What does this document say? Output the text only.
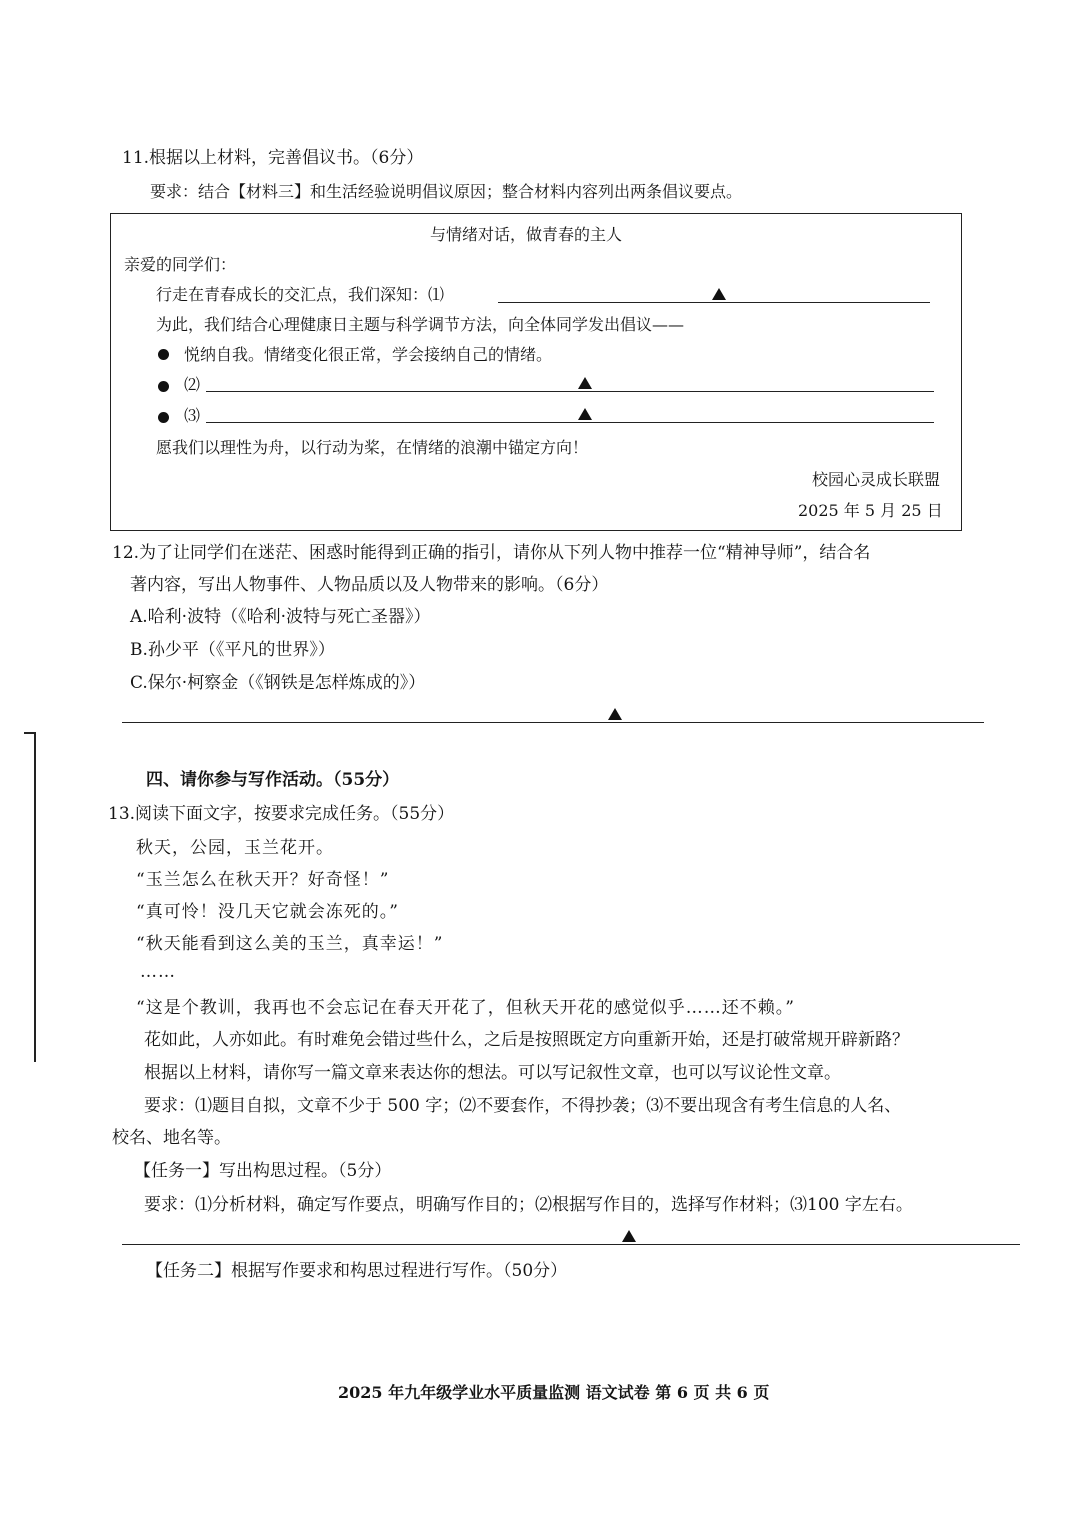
11.根据以上材料，完善倡议书。（6分）
要求：结合【材料三】和生活经验说明倡议原因；整合材料内容列出两条倡议要点。
与情绪对话，做青春的主人
亲爱的同学们：
行走在青春成长的交汇点，我们深知：⑴
为此，我们结合心理健康日主题与科学调节方法，向全体同学发出倡议——
悦纳自我。情绪变化很正常，学会接纳自己的情绪。
⑵
⑶
愿我们以理性为舟，以行动为桨，在情绪的浪潮中锚定方向！
校园心灵成长联盟
2025 年 5 月 25 日
12.为了让同学们在迷茫、困惑时能得到正确的指引，请你从下列人物中推荐一位“精神导师”，结合名
著内容，写出人物事件、人物品质以及人物带来的影响。（6分）
A.哈利·波特（《哈利·波特与死亡圣器》）
B.孙少平（《平凡的世界》）
C.保尔·柯察金（《钢铁是怎样炼成的》）
四、请你参与写作活动。（55分）
13.阅读下面文字，按要求完成任务。（55分）
秋天，公园，玉兰花开。
“玉兰怎么在秋天开？好奇怪！”
“真可怜！没几天它就会冻死的。”
“秋天能看到这么美的玉兰，真幸运！”
……
“这是个教训，我再也不会忘记在春天开花了，但秋天开花的感觉似乎……还不赖。”
花如此，人亦如此。有时难免会错过些什么，之后是按照既定方向重新开始，还是打破常规开辟新路？
根据以上材料，请你写一篇文章来表达你的想法。可以写记叙性文章，也可以写议论性文章。
要求：⑴题目自拟，文章不少于 500 字；⑵不要套作，不得抄袭；⑶不要出现含有考生信息的人名、
校名、地名等。
【任务一】写出构思过程。（5分）
要求：⑴分析材料，确定写作要点，明确写作目的；⑵根据写作目的，选择写作材料；⑶100 字左右。
【任务二】根据写作要求和构思过程进行写作。（50分）
2025 年九年级学业水平质量监测 语文试卷 第 6 页 共 6 页
